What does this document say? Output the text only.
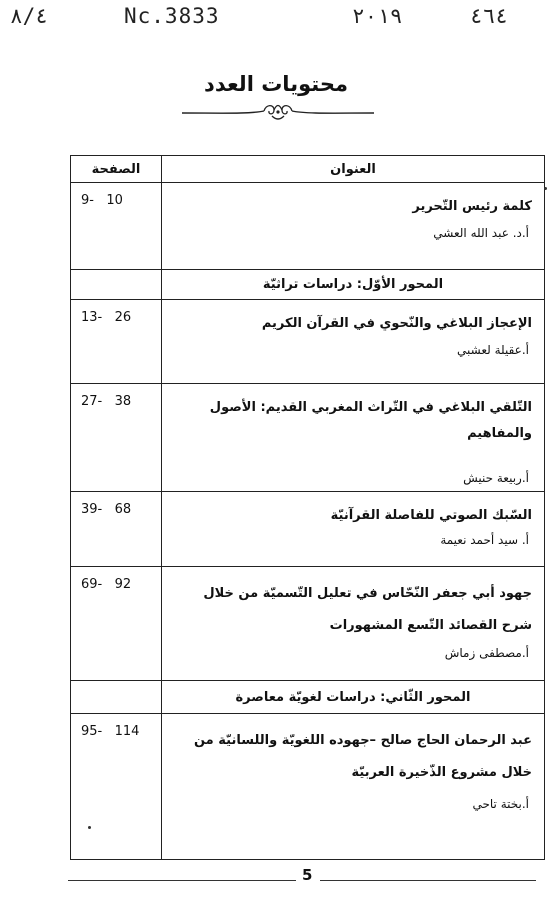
٨/٤	Nc.3833	٢٠١٩	٤٦٤
محتويات العدد
العنوان	الصفحة

كلمة رئيس التّحرير
أ.د. عبد الله العشي	9-   10

المحور الأوّل: دراسات تراثيّة	

الإعجاز البلاغي والنّحوي في القرآن الكريم
أ.عقيلة لعشبي	13-   26

التّلقي البلاغي في التّراث المغربي القديم: الأصول والمفاهيم
أ.ربيعة حنيش	27-   38

السّبك الصوتي للفاصلة القرآنيّة
أ. سيد أحمد نعيمة	39-   68

جهود أبي جعفر النّحّاس في تعليل التّسميّة من خلال شرح القصائد التّسع المشهورات
أ.مصطفى زماش	69-   92

المحور الثّاني: دراسات لغويّة معاصرة	

عبد الرحمان الحاج صالح –جهوده اللغويّة واللسانيّة من خلال مشروع الذّخيرة العربيّة
أ.بختة تاحي	95-   114
5
